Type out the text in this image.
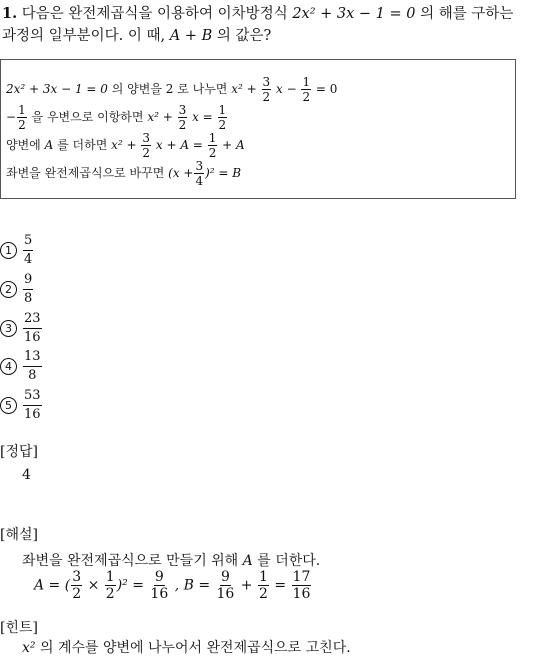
1. 다음은 완전제곱식을 이용하여 이차방정식 2x² + 3x − 1 = 0 의 해를 구하는
과정의 일부분이다. 이 때, A + B 의 값은?
2x² + 3x − 1 = 0 의 양변을 2 로 나누면 $x^2 + \frac{3}{2}$ $x - \frac{1}{2} = 0$
− $\frac{1}{2}$ 을 우변으로 이항하면 $x^2 + \frac{3}{2}$ $x = \frac{1}{2}$
양변에 A 를 더하면 $x^2 + \frac{3}{2}$ $x + A = \frac{1}{2} + A$
좌변을 완전제곱식으로 바꾸면 $(x + \frac{3}{4} )^2 = B$
$1 \frac{5}{4}$
$2 \frac{9}{8}$
$3 \frac{23}{16}$
$4 \frac{13}{8}$
$5 \frac{53}{16}$
[정답]
4
[해설]
좌변을 완전제곱식으로 만들기 위해 A 를 더한다.
A = ( $\frac{3}{2} \times \frac{1}{2} )^2 = \frac{9}{16}$ , $B = \frac{9}{16} + \frac{1}{2} = \frac{17}{16}$
[힌트]
x² 의 계수를 양변에 나누어서 완전제곱식으로 고친다.
